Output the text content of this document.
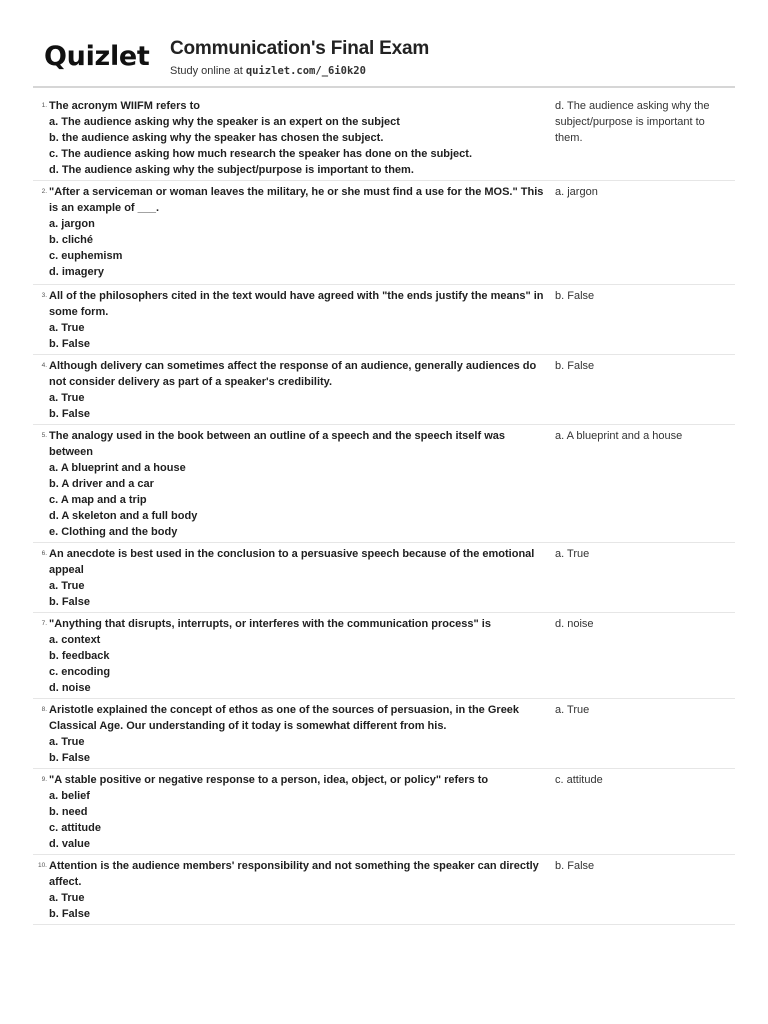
Quizlet Communication's Final Exam
Study online at quizlet.com/_6i0k20
1. The acronym WIIFM refers to
a. The audience asking why the speaker is an expert on the subject
b. the audience asking why the speaker has chosen the subject.
c. The audience asking how much research the speaker has done on the subject.
d. The audience asking why the subject/purpose is important to them.
d. The audience asking why the subject/purpose is important to them.
2. "After a serviceman or woman leaves the military, he or she must find a use for the MOS." This is an example of ___.
a. jargon
b. cliché
c. euphemism
d. imagery
a. jargon
3. All of the philosophers cited in the text would have agreed with "the ends justify the means" in some form.
a. True
b. False
b. False
4. Although delivery can sometimes affect the response of an audience, generally audiences do not consider delivery as part of a speaker's credibility.
a. True
b. False
b. False
5. The analogy used in the book between an outline of a speech and the speech itself was between
a. A blueprint and a house
b. A driver and a car
c. A map and a trip
d. A skeleton and a full body
e. Clothing and the body
a. A blueprint and a house
6. An anecdote is best used in the conclusion to a persuasive speech because of the emotional appeal
a. True
b. False
a. True
7. "Anything that disrupts, interrupts, or interferes with the communication process" is
a. context
b. feedback
c. encoding
d. noise
d. noise
8. Aristotle explained the concept of ethos as one of the sources of persuasion, in the Greek Classical Age. Our understanding of it today is somewhat different from his.
a. True
b. False
a. True
9. "A stable positive or negative response to a person, idea, object, or policy" refers to
a. belief
b. need
c. attitude
d. value
c. attitude
10. Attention is the audience members' responsibility and not something the speaker can directly affect.
a. True
b. False
b. False
